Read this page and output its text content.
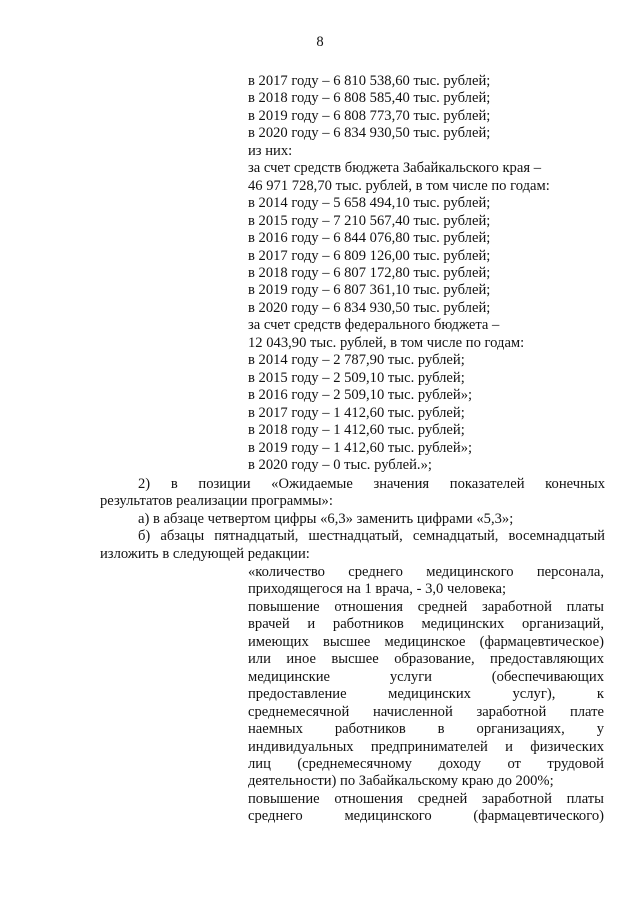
8
в 2017 году – 6 810 538,60 тыс. рублей;
в 2018 году – 6 808 585,40 тыс. рублей;
в 2019 году – 6 808 773,70 тыс. рублей;
в 2020 году – 6 834 930,50 тыс. рублей;
из них:
за счет средств бюджета Забайкальского края –
46 971 728,70 тыс. рублей, в том числе по годам:
в 2014 году – 5 658 494,10 тыс. рублей;
в 2015 году – 7 210 567,40 тыс. рублей;
в 2016 году – 6 844 076,80 тыс. рублей;
в 2017 году – 6 809 126,00 тыс. рублей;
в 2018 году – 6 807 172,80 тыс. рублей;
в 2019 году – 6 807 361,10 тыс. рублей;
в 2020 году – 6 834 930,50 тыс. рублей;
за счет средств федерального бюджета –
12 043,90 тыс. рублей, в том числе по годам:
в 2014 году – 2 787,90 тыс. рублей;
в 2015 году – 2 509,10 тыс. рублей;
в 2016 году – 2 509,10 тыс. рублей»;
в 2017 году – 1 412,60 тыс. рублей;
в 2018 году – 1 412,60 тыс. рублей;
в 2019 году – 1 412,60 тыс. рублей»;
в 2020 году – 0 тыс. рублей.»;
2) в позиции «Ожидаемые значения показателей конечных
результатов реализации программы»:
а) в абзаце четвертом цифры «6,3» заменить цифрами «5,3»;
б) абзацы пятнадцатый, шестнадцатый, семнадцатый, восемнадцатый
изложить в следующей редакции:
«количество среднего медицинского персонала,
приходящегося на 1 врача, - 3,0 человека;
повышение отношения средней заработной платы
врачей и работников медицинских организаций,
имеющих высшее медицинское (фармацевтическое)
или иное высшее образование, предоставляющих
медицинские услуги (обеспечивающих
предоставление медицинских услуг), к
среднемесячной начисленной заработной плате
наемных работников в организациях, у
индивидуальных предпринимателей и физических
лиц (среднемесячному доходу от трудовой
деятельности) по Забайкальскому краю до 200%;
повышение отношения средней заработной платы
среднего медицинского (фармацевтического)
